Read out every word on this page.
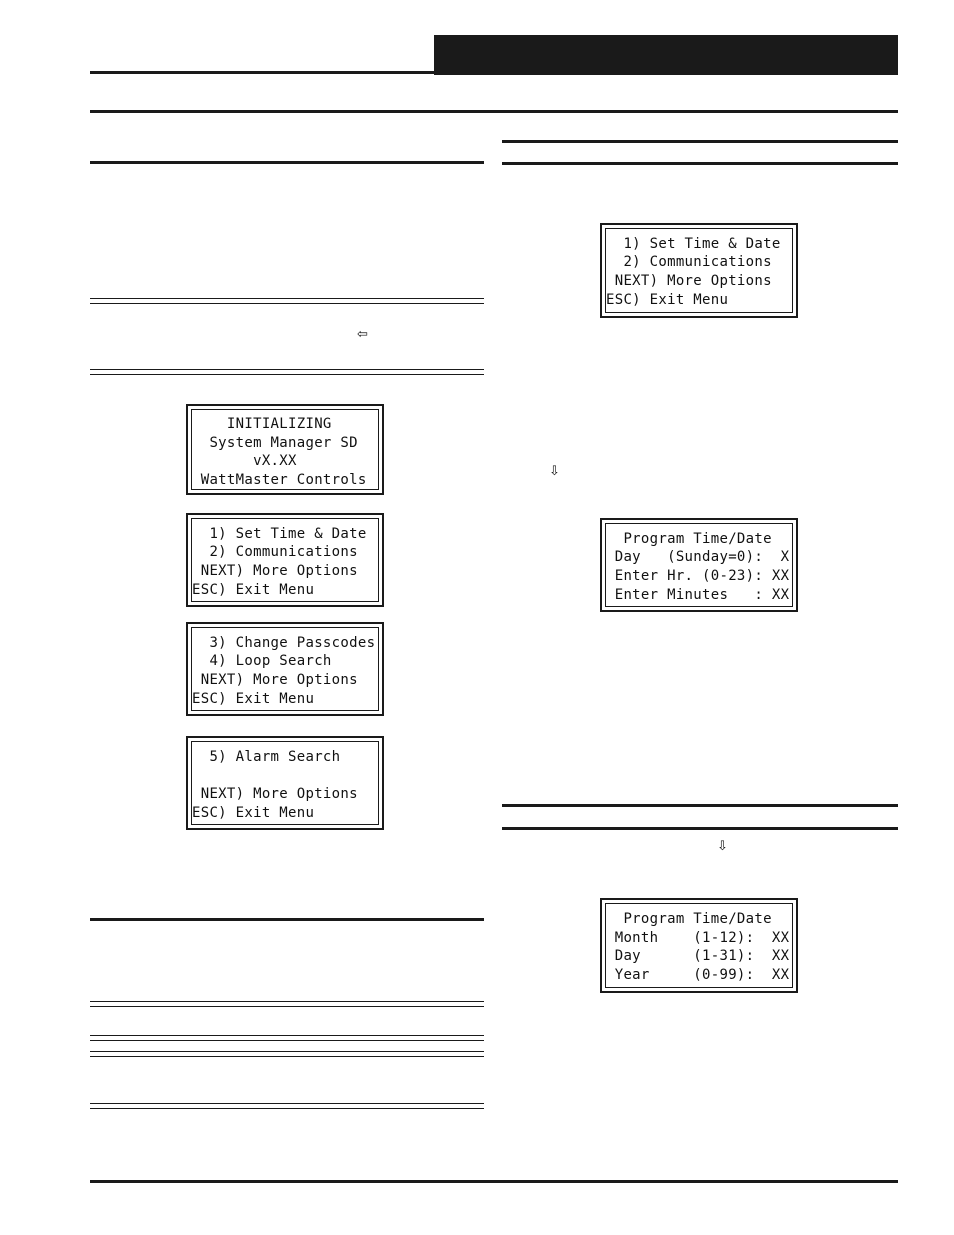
⇦
INITIALIZING
System Manager SD
vX.XX
WattMaster Controls
1) Set Time & Date
2) Communications
NEXT) More Options
ESC) Exit Menu
3) Change Passcodes
4) Loop Search
NEXT) More Options
ESC) Exit Menu
5) Alarm Search
NEXT) More Options
ESC) Exit Menu
1) Set Time & Date
2) Communications
NEXT) More Options
ESC) Exit Menu
⇩
Program Time/Date
Day   (Sunday=0):  X
Enter Hr. (0-23): XX
Enter Minutes   : XX
⇩
Program Time/Date
Month    (1-12):  XX
Day      (1-31):  XX
Year     (0-99):  XX
